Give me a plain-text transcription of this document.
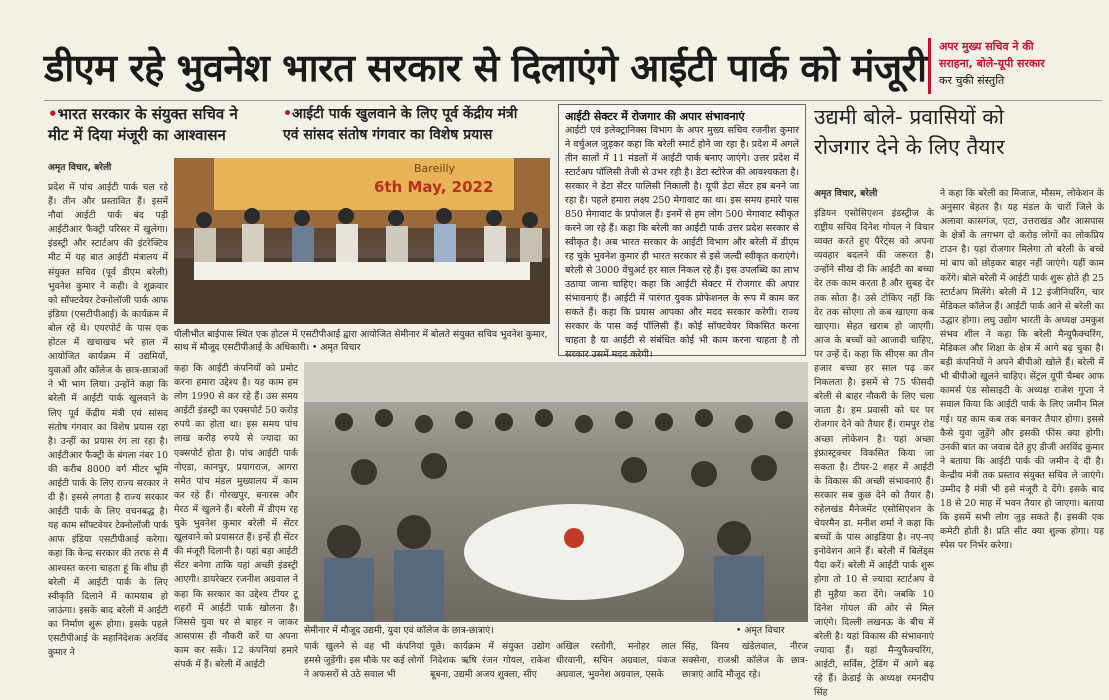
डीएम रहे भुवनेश भारत सरकार से दिलाएंगे आईटी पार्क को मंजूरी अपर मुख्य सचिव ने की
सराहना, बोले-यूपी सरकार
कर चुकी संस्तुति
•भारत सरकार के संयुक्त सचिव ने
मीट में दिया मंजूरी का आश्वासन
•आईटी पार्क खुलवाने के लिए पूर्व केंद्रीय मंत्री
एवं सांसद संतोष गंगवार का विशेष प्रयास
अमृत विचार, बरेली
प्रदेश में पांच आईटी पार्क चल रहे हैं। तीन और प्रस्तावित हैं। इसमें नौवां आईटी पार्क बंद पड़ी आईटीआर फैक्ट्री परिसर में खुलेगा। इंडस्ट्री और स्टार्टअप की इंटरेक्टिव मीट में यह बात आईटी मंत्रालय में संयुक्त सचिव (पूर्व डीएम बरेली) भुवनेश कुमार ने कही। वे शुक्रवार को सॉफ्टवेयर टेक्नोलॉजी पार्क आफ इंडिया (एसटीपीआई) के कार्यक्रम में बोल रहे थे। एयरपोर्ट के पास एक होटल में खचाखच भरे हाल में आयोजित कार्यक्रम में उद्यमियों, युवाओं और कॉलेज के छात्र-छात्राओं ने भी भाग लिया। उन्होंने कहा कि बरेली में आईटी पार्क खुलवाने के लिए पूर्व केंद्रीय मंत्री एवं सांसद संतोष गंगवार का विशेष प्रयास रहा है। उन्हीं का प्रयास रंग ला रहा है। आईटीआर फैक्ट्री के बंगला नंबर 10 की करीब 8000 वर्ग मीटर भूमि आईटी पार्क के लिए राज्य सरकार ने दी है। इससे लगता है राज्य सरकार आईटी पार्क के लिए वचनबद्ध है। यह काम सॉफ्टवेयर टेक्नोलॉजी पार्क आफ इंडिया एसटीपीआई करेगा। कहा कि केन्द्र सरकार की तरफ से मैं आश्वस्त करना चाहता हूं कि शीघ्र ही बरेली में आईटी पार्क के लिए स्वीकृति दिलाने में कामयाब हो जाऊंगा। इसके बाद बरेली में आईटी का निर्माण शुरू होगा। इसके पहले एसटीपीआई के महानिदेशक अरविंद कुमार ने
Bareilly
6th May, 2022
पीलीभीत बाईपास स्थित एक होटल में एसटीपीआई द्वारा आयोजित सेमीनार में बोलते संयुक्त सचिव भुवनेश कुमार, साथ में मौजूद एसटीपीआई के अधिकारी। • अमृत विचार
कहा कि आईटी कंपनियों को प्रमोट करना हमारा उद्देश्य है। यह काम हम लोग 1990 से कर रहे हैं। उस समय आईटी इंडस्ट्री का एक्सपोर्ट 50 करोड़ रुपये का होता था। इस समय पांच लाख करोड़ रुपये से ज्यादा का एक्सपोर्ट होता है। पांच आईटी पार्क नोएडा, कानपुर, प्रयागराज, आगरा समेत पांच मंडल मुख्यालय में काम कर रहे हैं। गोरखपुर, बनारस और मेरठ में खुलने हैं। बरेली में डीएम रह चुके भुवनेश कुमार बरेली में सेंटर खुलवाने को प्रयासरत हैं। इन्हें ही सेंटर की मंजूरी दिलानी है। यहां बड़ा आईटी सेंटर बनेगा ताकि यहां अच्छी इंडस्ट्री आएगी। डायरेक्टर रजनीश अग्रवाल ने कहा कि सरकार का उद्देश्य टीयर टू शहरों में आईटी पार्क खोलना है। जिससे युवा घर से बाहर न जाकर आसपास ही नौकरी करें या अपना काम कर सकें। 12 कंपनियां हमारे संपर्क में हैं। बरेली में आईटी
आईटी सेक्टर में रोजगार की अपार संभावनाएं
आईटी एवं इलेक्ट्रानिक्स विभाग के अपर मुख्य सचिव रजनीश कुमार ने वर्चुअल जुड़कर कहा कि बरेली स्मार्ट होने जा रहा है। प्रदेश में अगले तीन सालों में 11 मंडलों में आईटी पार्क बनाए जाएंगे। उत्तर प्रदेश में स्टार्टअप पॉलिसी तेजी से उभर रही है। डेटा स्टोरेज की आवश्यकता है। सरकार ने डेटा सेंटर पालिसी निकाली है। यूपी डेटा सेंटर हब बनने जा रहा है। पहले हमारा लक्ष्य 250 मेगावाट का था। इस समय हमारे पास 850 मेगावाट के प्रपोजल हैं। इनमें से हम लोग 500 मेगावाट स्वीकृत करने जा रहे हैं। कहा कि बरेली का आईटी पार्क उत्तर प्रदेश सरकार से स्वीकृत है। अब भारत सरकार के आईटी विभाग और बरेली में डीएम रह चुके भुवनेश कुमार ही भारत सरकार से इसे जल्दी स्वीकृत कराएंगे। बरेली से 3000 वेंचुअर्ट हर साल निकल रहे हैं। इस उपलब्धि का लाभ उठाया जाना चाहिए। कहा कि आईटी सेक्टर में रोजगार की अपार संभावनाएं हैं। आईटी में पारंगत युवक प्रोफेशनल के रूप में काम कर सकते हैं। कहा कि प्रयास आपका और मदद सरकार करेगी। राज्य सरकार के पास कई पॉलिसी हैं। कोई सॉफ्टवेयर विकसित करना चाहता है या आईटी से संबंधित कोई भी काम करना चाहता है तो सरकार उसमें मदद करेगी।
उद्यमी बोले- प्रवासियों को
रोजगार देने के लिए तैयार
अमृत विचार, बरेली
इंडियन एसोसिएशन इंडस्ट्रीज के राष्ट्रीय सचिव दिनेश गोयल ने विचार व्यक्त करते हुए पैरेंट्स को अपना व्यवहार बदलने की जरूरत है। उन्होंने सीख दी कि आईटी का बच्चा देर तक काम करता है और सुबह देर तक सोता है। उसे टोकिए नहीं कि देर तक सोएगा तो कब खाएगा कब खाएगा। सेहत खराब हो जाएगी। आज के बच्चों को आजादी चाहिए, पर उन्हें दें। कहा कि सीएस का तीन हजार बच्चा हर साल पढ़ कर निकलता है। इसमें से 75 फीसदी बरेली से बाहर नौकरी के लिए चला जाता है। हम प्रवासी को घर पर रोजगार देने को तैयार हैं। रामपुर रोड अच्छा लोकेशन है। यहां अच्छा इंफ्रास्ट्रक्चर विकसित किया जा सकता है। टीयर-2 शहर में आईटी के विकास की अच्छी संभावनाएं हैं। सरकार सब कुछ देने को तैयार है। रुहेलखंड मैनेजमेंट एसोसिएशन के चेयरमैन डा. मनीश शर्मा ने कहा कि बच्चों के पास आइडिया है। नए-नए इनोवेशन आने हैं। बरेली में बिलेंड्स पैदा करें। बरेली में आईटी पार्क शुरू होगा तो 10 से ज्यादा स्टार्टअप वे ही मुहैया करा देंगे। जबकि 10 दिनेश गोयल की ओर से मिल जाएंगे। दिल्ली लखनऊ के बीच में बरेली है। यहां विकास की संभावनाएं ज्यादा हैं। यहां मैन्युफैक्चरिंग, आईटी, सर्विस, ट्रेडिंग में आगे बढ़ रहे हैं। क्रेडाई के अध्यक्ष रमनदीप सिंह
ने कहा कि बरेली का मिजाज, मौसम, लोकेशन के अनुसार बेहतर है। यह मंडल के चारों जिले के अलावा कासगंज, एटा, उत्तराखंड और आसपास के क्षेत्रों के लगभग दो करोड़ लोगों का लोकप्रिय टाउन है। यहां रोजगार मिलेगा तो बरेली के बच्चे मां बाप को छोड़कर बाहर नहीं जाएंगे। यहीं काम करेंगे। बोले बरेली में आईटी पार्क शुरू होते ही 25 स्टार्टअप मिलेंगे। बरेली में 12 इंजीनियरिंग, चार मेडिकल कॉलेज हैं। आईटी पार्क आने से बरेली का उद्धार होगा। लघु उद्योग भारती के अध्यक्ष उमकुश संभव शील ने कहा कि बरेली मैन्युफैक्चरिंग, मेडिकल और शिक्षा के क्षेत्र में आगे बढ़ चुका है। बड़ी कंपनियों ने अपने बीपीओ खोले हैं। बरेली में भी बीपीओ खुलने चाहिए। सेंट्रल यूपी चैम्बर आफ कामर्स एंड सोसाइटी के अध्यक्ष राजेश गुप्ता ने सवाल किया कि आईटी पार्क के लिए जमीन मिल गई। यह काम कब तक बनकर तैयार होगा। इससे कैसे युवा जुड़ेंगे और इसकी फीस क्या होगी। उनकी बात का जवाब देते हुए डीजी अरविंद कुमार ने बताया कि आईटी पार्क की जमीन दे दी है। केन्द्रीय मंत्री तक प्रस्ताव संयुक्त सचिव ले जाएंगे। उम्मीद है मंत्री भी इसे मंजूरी दे देंगे। इसके बाद 18 से 20 माह में भवन तैयार हो जाएगा। बताया कि इसमें सभी लोग जुड़ सकते हैं। इसकी एक कमेटी होती है। प्रति सीट क्या शुल्क होगा। यह स्पेस पर निर्भर करेगा।
सेमीनार में मौजूद उद्यमी, युवा एवं कॉलेज के छात्र-छात्राएं।	• अमृत विचार
पार्क खुलने से वह भी कंपनियां हमसे जुड़ेंगी। इस मौके पर कई लोगों ने अफसरों से उठे सवाल भी
पूछे। कार्यक्रम में संयुक्त उद्योग निदेशक ऋषि रंजन गोयल, राकेश बूबना, उद्यमी अजय शुक्ला, सीए
अखिल रस्तोगी, मनोहर लाल धीरवानी, सचिन अग्रवाल, पंकज अग्रवाल, भुवनेश अग्रवाल, एसके
सिंह, विनय खंडेलवाल, नीरज सक्सेना, राजश्री कॉलेज के छात्र-छात्राएं आदि मौजूद रहे।
